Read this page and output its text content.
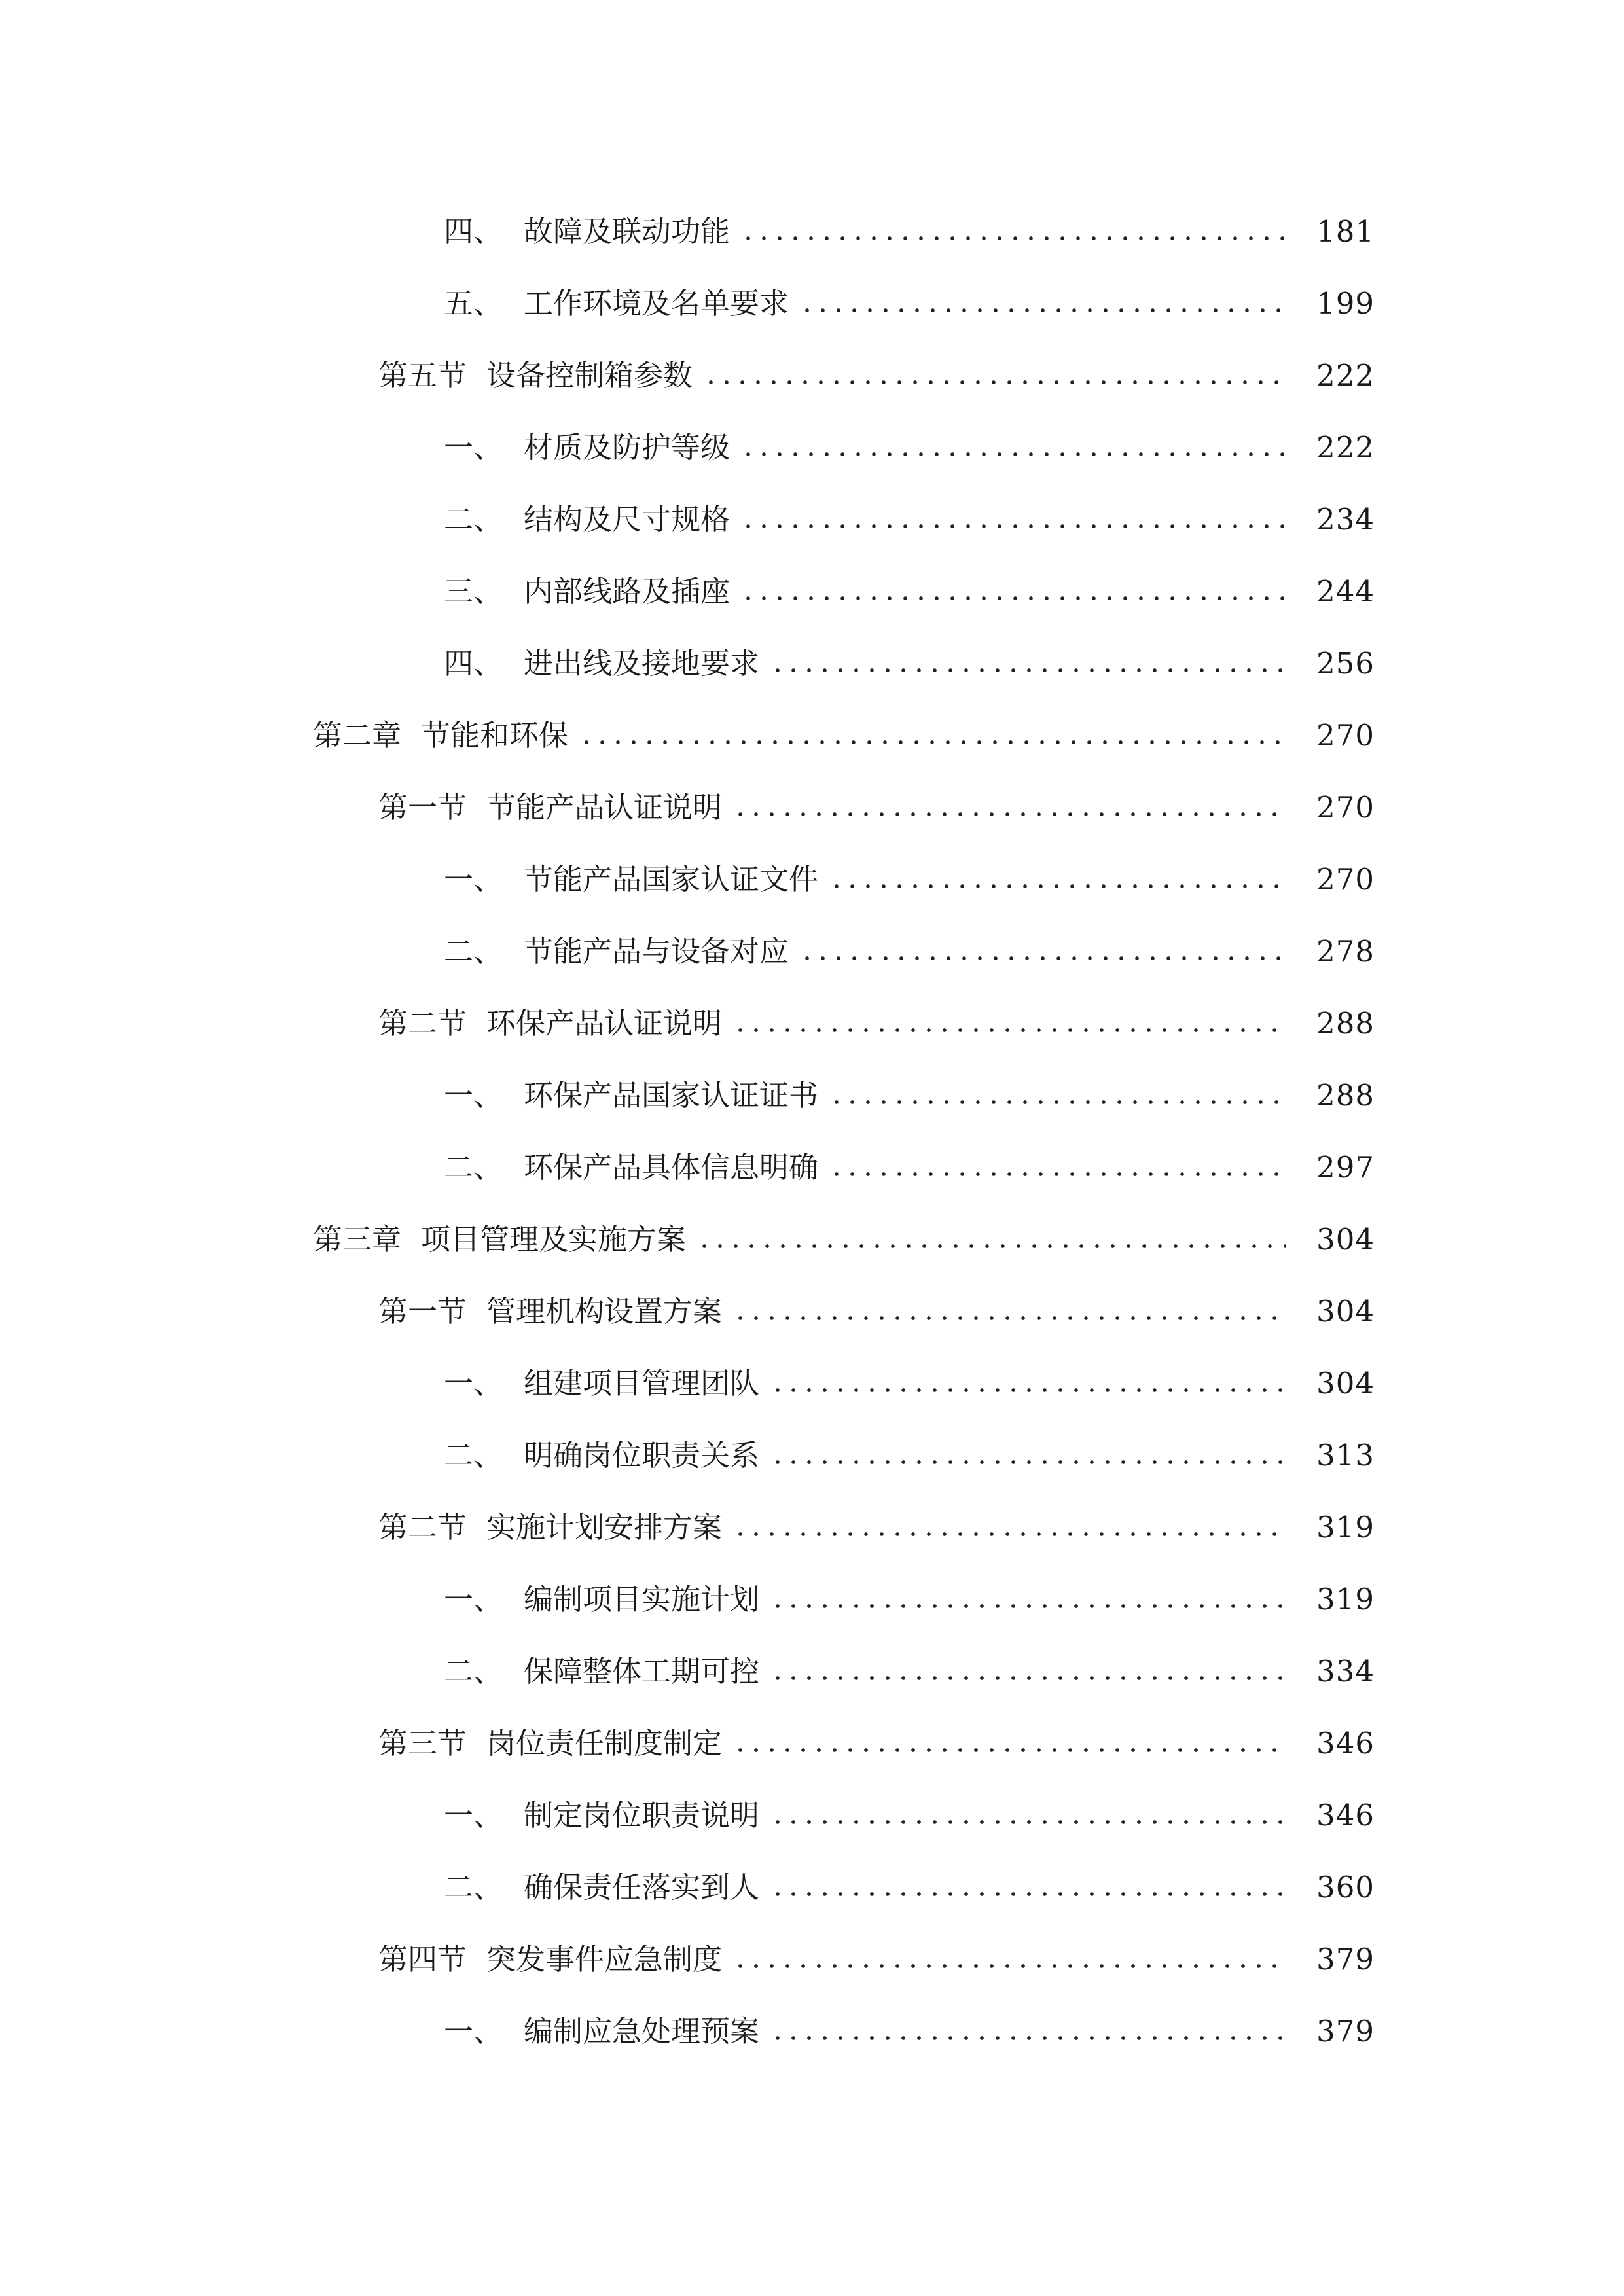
四、 故障及联动功能	181
五、 工作环境及名单要求	199
第五节 设备控制箱参数	222
一、 材质及防护等级	222
二、 结构及尺寸规格	234
三、 内部线路及插座	244
四、 进出线及接地要求	256
第二章 节能和环保	270
第一节 节能产品认证说明	270
一、 节能产品国家认证文件	270
二、 节能产品与设备对应	278
第二节 环保产品认证说明	288
一、 环保产品国家认证证书	288
二、 环保产品具体信息明确	297
第三章 项目管理及实施方案	304
第一节 管理机构设置方案	304
一、 组建项目管理团队	304
二、 明确岗位职责关系	313
第二节 实施计划安排方案	319
一、 编制项目实施计划	319
二、 保障整体工期可控	334
第三节 岗位责任制度制定	346
一、 制定岗位职责说明	346
二、 确保责任落实到人	360
第四节 突发事件应急制度	379
一、 编制应急处理预案	379
